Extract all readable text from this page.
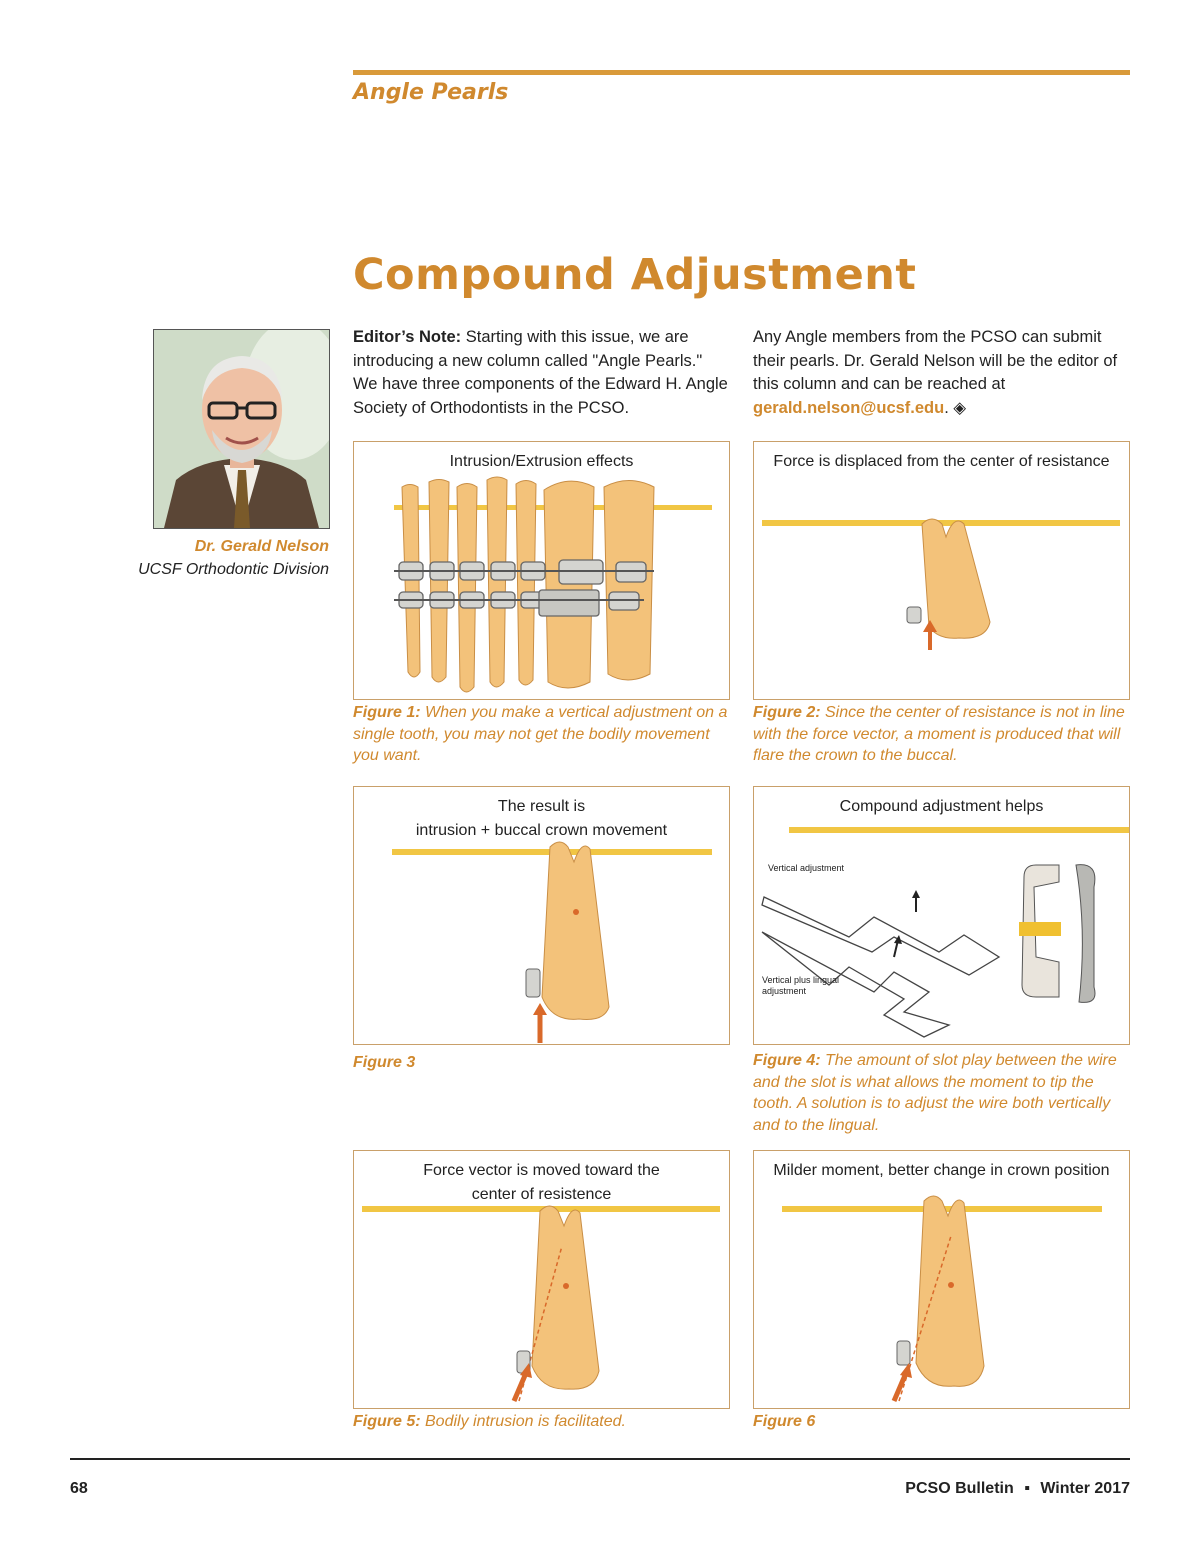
Angle Pearls
Compound Adjustment
Dr. Gerald Nelson
UCSF Orthodontic Division
Editor’s Note: Starting with this issue, we are introducing a new column called "Angle Pearls." We have three components of the Edward H. Angle Society of Orthodontists in the PCSO.
Any Angle members from the PCSO can submit their pearls. Dr. Gerald Nelson will be the editor of this column and can be reached at gerald.nelson@ucsf.edu. ◈
Intrusion/Extrusion effects
Figure 1: When you make a vertical adjustment on a single tooth, you may not get the bodily movement you want.
Force is displaced from the center of resistance
Figure 2: Since the center of resistance is not in line with the force vector, a moment is produced that will flare the crown to the buccal.
The result is
intrusion + buccal crown movement
Figure 3
Compound adjustment helps
Vertical adjustment
Vertical plus lingual
adjustment
Figure 4: The amount of slot play between the wire and the slot is what allows the moment to tip the tooth. A solution is to adjust the wire both vertically and to the lingual.
Force vector is moved toward the
center of resistence
Figure 5: Bodily intrusion is facilitated.
Milder moment, better change in crown position
Figure 6
68	PCSO Bulletin ▪ Winter 2017
